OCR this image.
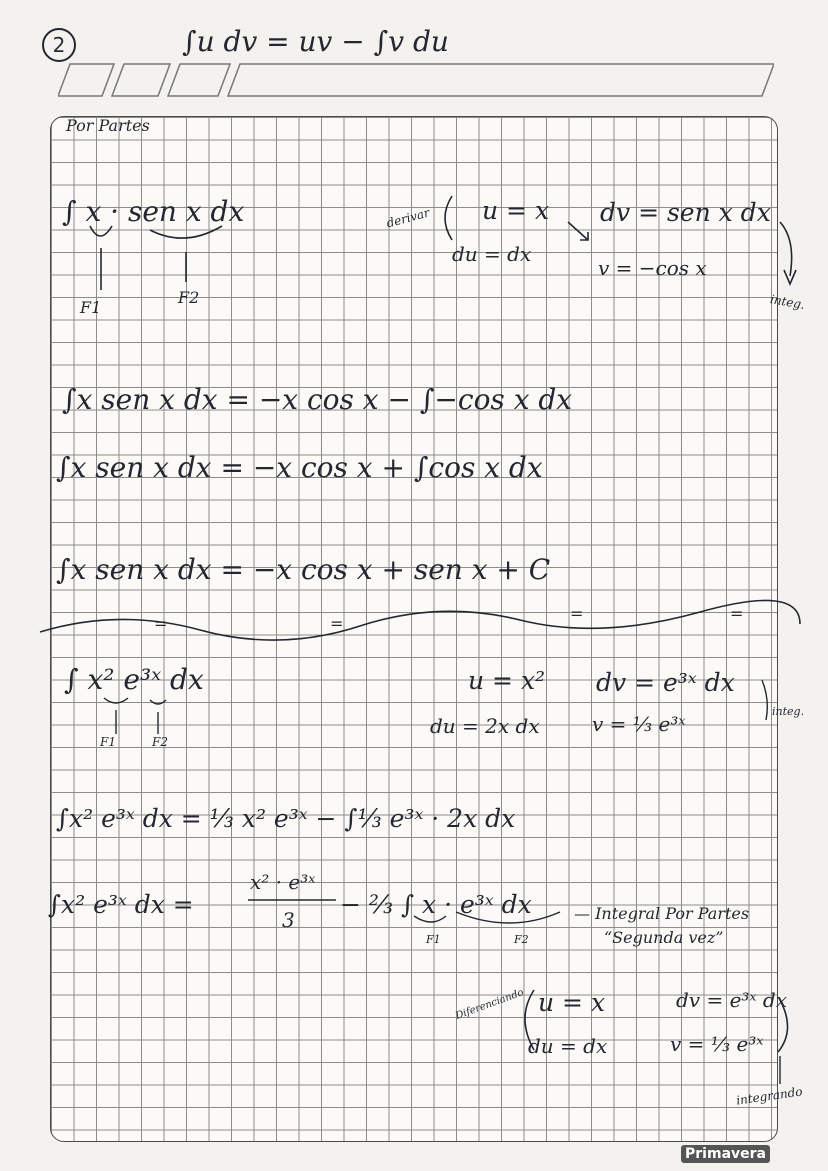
2	∫u dv = uv − ∫v du
Por Partes
∫ x · sen x dx
F1
F2
derivar u = x
du = dx
dv = sen x dx
v = −cos x
integ.
∫x sen x dx = −x cos x − ∫−cos x dx
∫x sen x dx = −x cos x + ∫cos x dx
∫x sen x dx = −x cos x + sen x + C
=	=
=	=
∫ x² e³ˣ dx
F1	F2
u = x²
du = 2x dx
dv = e³ˣ dx
v = ⅓ e³ˣ
integ.
∫x² e³ˣ dx = ⅓ x² e³ˣ − ∫⅓ e³ˣ · 2x dx
∫x² e³ˣ dx =
x² · e³ˣ
3
− ⅔ ∫ x · e³ˣ dx
F1	F2
— Integral Por Partes
“Segunda vez”
Diferenciando u = x
du = dx
dv = e³ˣ dx
v = ⅓ e³ˣ
integrando
Primavera
